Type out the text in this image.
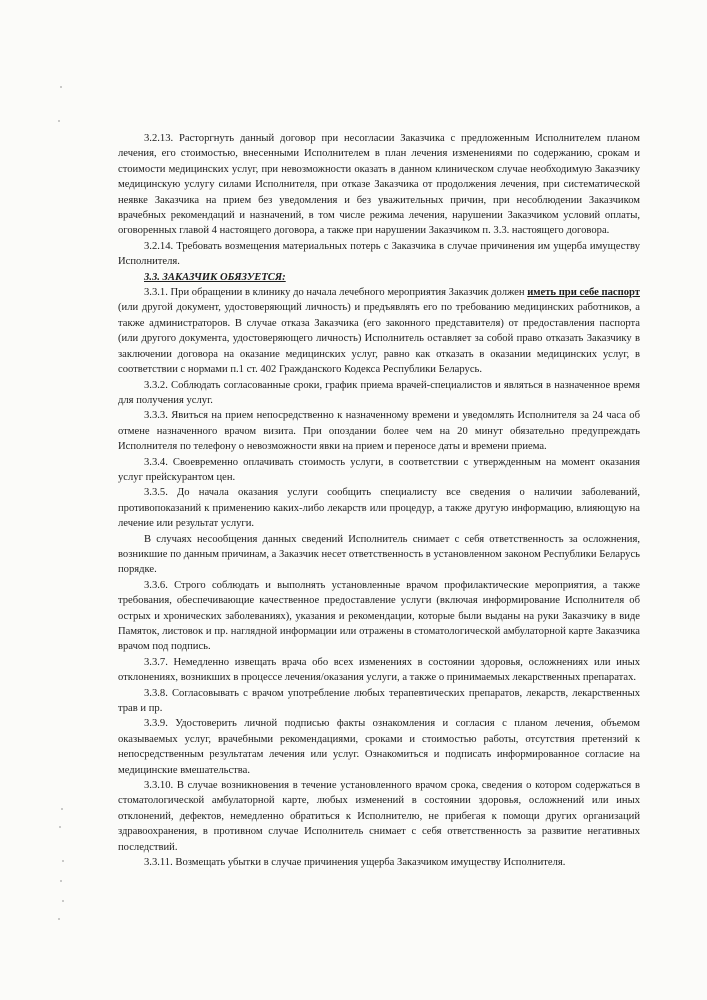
3.2.13. Расторгнуть данный договор при несогласии Заказчика с предложенным Исполнителем планом лечения, его стоимостью, внесенными Исполнителем в план лечения изменениями по содержанию, срокам и стоимости медицинских услуг, при невозможности оказать в данном клиническом случае необходимую Заказчику медицинскую услугу силами Исполнителя, при отказе Заказчика от продолжения лечения, при систематической неявке Заказчика на прием без уведомления и без уважительных причин, при несоблюдении Заказчиком врачебных рекомендаций и назначений, в том числе режима лечения, нарушении Заказчиком условий оплаты, оговоренных главой 4 настоящего договора, а также при нарушении Заказчиком п. 3.3. настоящего договора.

3.2.14. Требовать возмещения материальных потерь с Заказчика в случае причинения им ущерба имуществу Исполнителя.

3.3. ЗАКАЗЧИК ОБЯЗУЕТСЯ:

3.3.1. При обращении в клинику до начала лечебного мероприятия Заказчик должен иметь при себе паспорт (или другой документ, удостоверяющий личность) и предъявлять его по требованию медицинских работников, а также администраторов. В случае отказа Заказчика (его законного представителя) от предоставления паспорта (или другого документа, удостоверяющего личность) Исполнитель оставляет за собой право отказать Заказчику в заключении договора на оказание медицинских услуг, равно как отказать в оказании медицинских услуг, в соответствии с нормами п.1 ст. 402 Гражданского Кодекса Республики Беларусь.

3.3.2. Соблюдать согласованные сроки, график приема врачей-специалистов и являться в назначенное время для получения услуг.

3.3.3. Явиться на прием непосредственно к назначенному времени и уведомлять Исполнителя за 24 часа об отмене назначенного врачом визита. При опоздании более чем на 20 минут обязательно предупреждать Исполнителя по телефону о невозможности явки на прием и переносе даты и времени приема.

3.3.4. Своевременно оплачивать стоимость услуги, в соответствии с утвержденным на момент оказания услуг прейскурантом цен.

3.3.5. До начала оказания услуги сообщить специалисту все сведения о наличии заболеваний, противопоказаний к применению каких-либо лекарств или процедур, а также другую информацию, влияющую на лечение или результат услуги.

В случаях несообщения данных сведений Исполнитель снимает с себя ответственность за осложнения, возникшие по данным причинам, а Заказчик несет ответственность в установленном законом Республики Беларусь порядке.

3.3.6. Строго соблюдать и выполнять установленные врачом профилактические мероприятия, а также требования, обеспечивающие качественное предоставление услуги (включая информирование Исполнителя об острых и хронических заболеваниях), указания и рекомендации, которые были выданы на руки Заказчику в виде Памяток, листовок и пр. наглядной информации или отражены в стоматологической амбулаторной карте Заказчика врачом под подпись.

3.3.7. Немедленно извещать врача обо всех изменениях в состоянии здоровья, осложнениях или иных отклонениях, возникших в процессе лечения/оказания услуги, а также о принимаемых лекарственных препаратах.

3.3.8. Согласовывать с врачом употребление любых терапевтических препаратов, лекарств, лекарственных трав и пр.

3.3.9. Удостоверить личной подписью факты ознакомления и согласия с планом лечения, объемом оказываемых услуг, врачебными рекомендациями, сроками и стоимостью работы, отсутствия претензий к непосредственным результатам лечения или услуг. Ознакомиться и подписать информированное согласие на медицинские вмешательства.

3.3.10. В случае возникновения в течение установленного врачом срока, сведения о котором содержаться в стоматологической амбулаторной карте, любых изменений в состоянии здоровья, осложнений или иных отклонений, дефектов, немедленно обратиться к Исполнителю, не прибегая к помощи других организаций здравоохранения, в противном случае Исполнитель снимает с себя ответственность за развитие негативных последствий.

3.3.11. Возмещать убытки в случае причинения ущерба Заказчиком имуществу Исполнителя.
